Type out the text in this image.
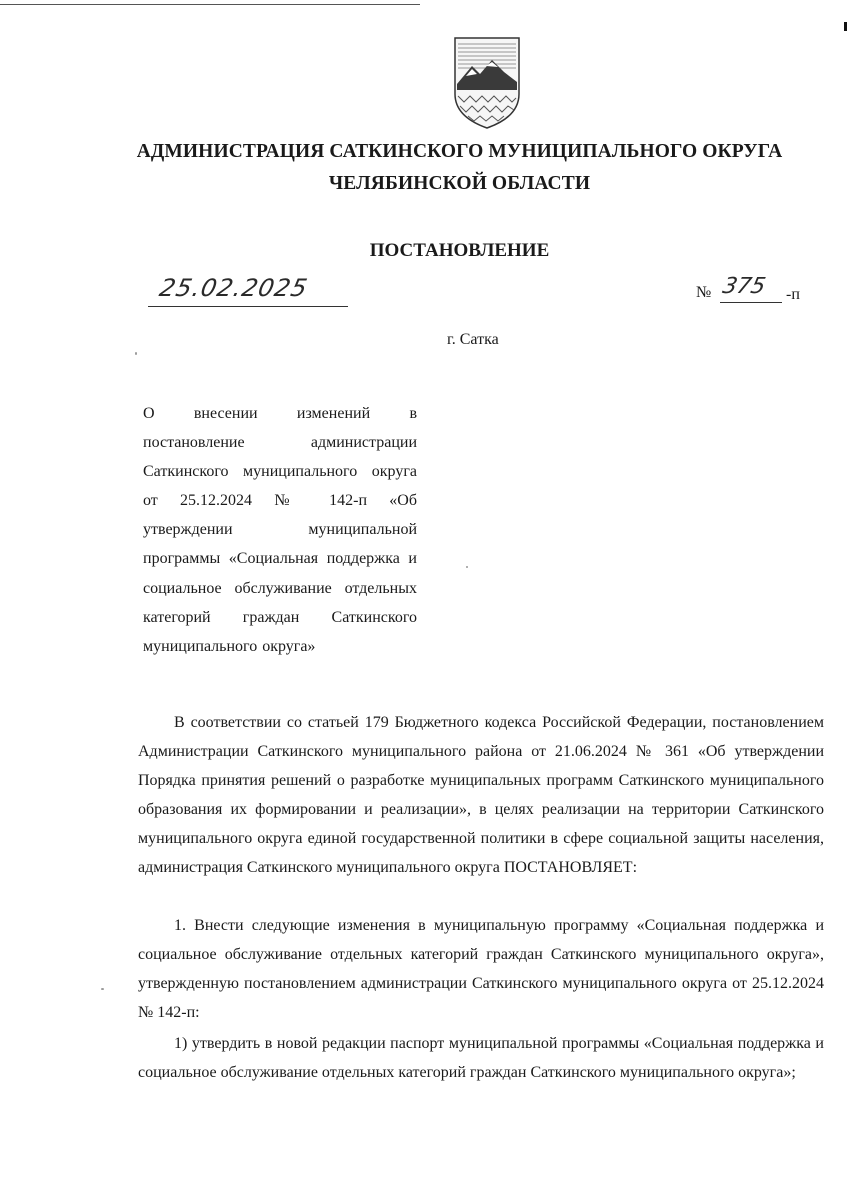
АДМИНИСТРАЦИЯ САТКИНСКОГО МУНИЦИПАЛЬНОГО ОКРУГА
ЧЕЛЯБИНСКОЙ ОБЛАСТИ
ПОСТАНОВЛЕНИЕ
25.02.2025	№ 375 -п
г. Сатка
О внесении изменений в
постановление администрации
Саткинского муниципального округа
от 25.12.2024 № 142-п «Об
утверждении муниципальной
программы «Социальная поддержка и
социальное обслуживание отдельных
категорий граждан Саткинского
муниципального округа»
В соответствии со статьей 179 Бюджетного кодекса Российской Федерации, постановлением Администрации Саткинского муниципального района от 21.06.2024 № 361 «Об утверждении Порядка принятия решений о разработке муниципальных программ Саткинского муниципального образования их формировании и реализации», в целях реализации на территории Саткинского муниципального округа единой государственной политики в сфере социальной защиты населения, администрация Саткинского муниципального округа ПОСТАНОВЛЯЕТ:
1. Внести следующие изменения в муниципальную программу «Социальная поддержка и социальное обслуживание отдельных категорий граждан Саткинского муниципального округа», утвержденную постановлением администрации Саткинского муниципального округа от 25.12.2024 № 142-п:
1) утвердить в новой редакции паспорт муниципальной программы «Социальная поддержка и социальное обслуживание отдельных категорий граждан Саткинского муниципального округа»;
